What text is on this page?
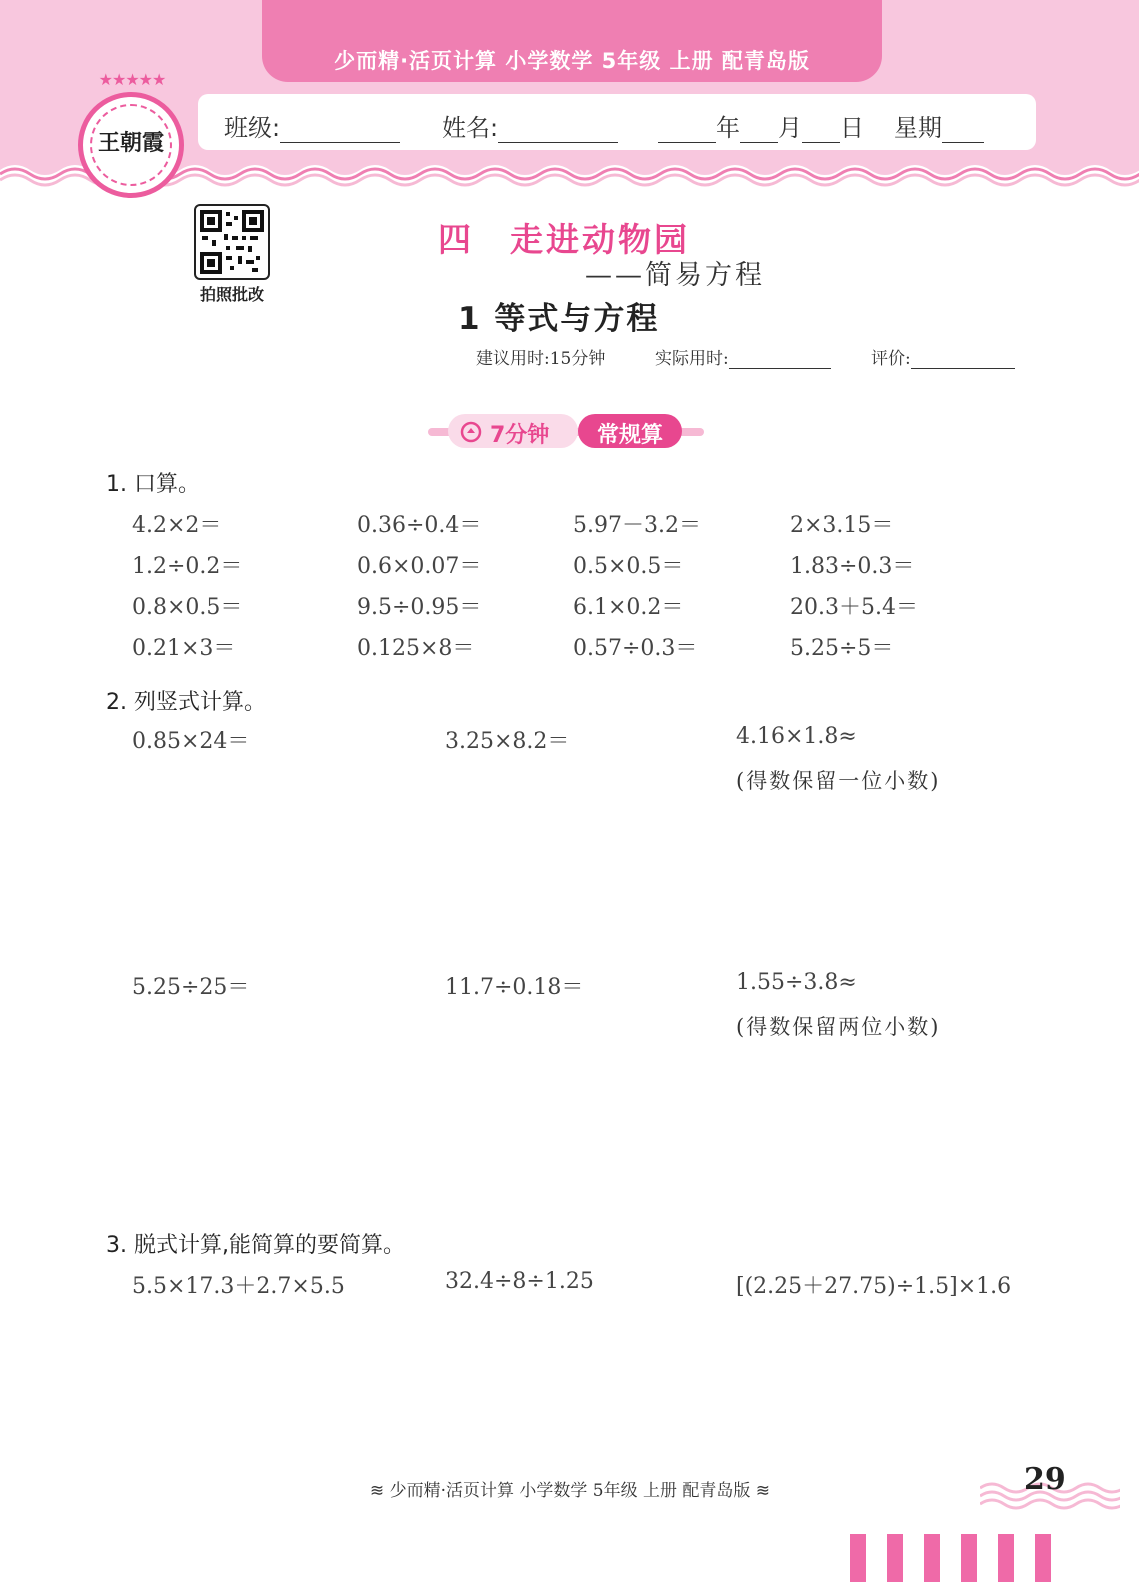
少而精·活页计算 小学数学 5年级 上册 配青岛版
班级:	姓名:	年 月 日 星期
★★★★★
王朝霞
拍照批改
四　走进动物园
——简易方程
1 等式与方程
建议用时:15分钟	实际用时:	评价:
7分钟	常规算
1. 口算。
4.2×2＝	0.36÷0.4＝	5.97－3.2＝	2×3.15＝
1.2÷0.2＝	0.6×0.07＝	0.5×0.5＝	1.83÷0.3＝
0.8×0.5＝	9.5÷0.95＝	6.1×0.2＝	20.3＋5.4＝
0.21×3＝	0.125×8＝	0.57÷0.3＝	5.25÷5＝
2. 列竖式计算。
0.85×24＝	3.25×8.2＝	4.16×1.8≈
(得数保留一位小数)
5.25÷25＝	11.7÷0.18＝	1.55÷3.8≈
(得数保留两位小数)
3. 脱式计算,能简算的要简算。
5.5×17.3＋2.7×5.5	32.4÷8÷1.25	[(2.25＋27.75)÷1.5]×1.6
≋ 少而精·活页计算 小学数学 5年级 上册 配青岛版 ≋	29
